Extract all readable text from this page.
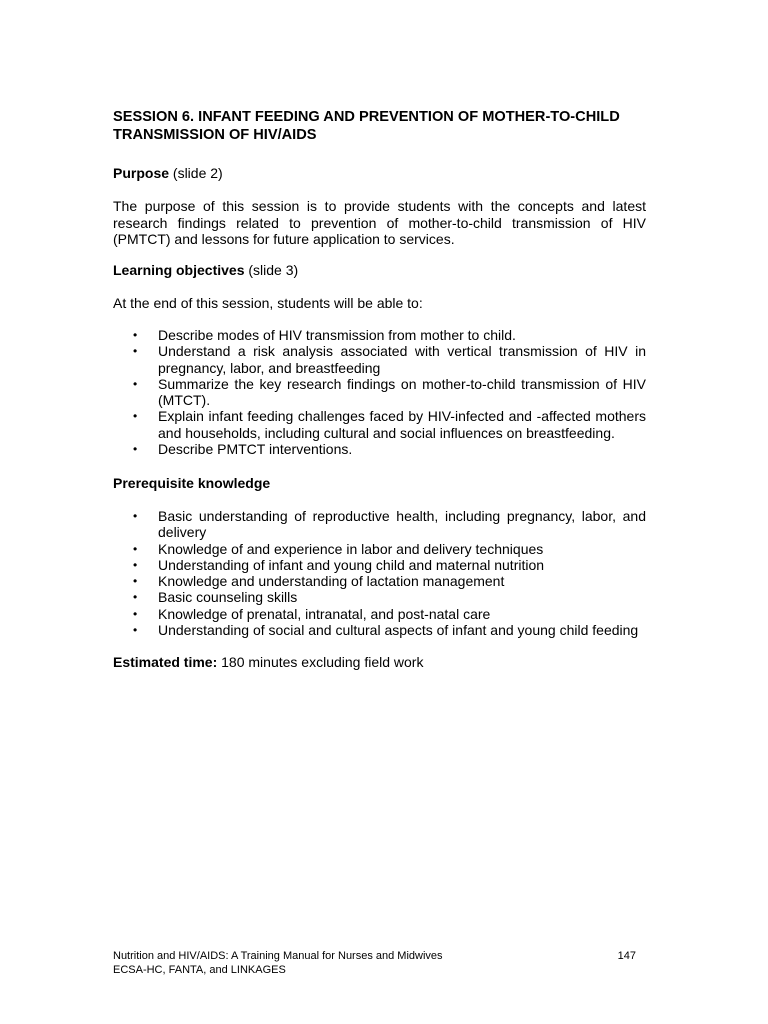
SESSION 6. INFANT FEEDING AND PREVENTION OF MOTHER-TO-CHILD TRANSMISSION OF HIV/AIDS

Purpose (slide 2)

The purpose of this session is to provide students with the concepts and latest research findings related to prevention of mother-to-child transmission of HIV (PMTCT) and lessons for future application to services.

Learning objectives (slide 3)

At the end of this session, students will be able to:

• Describe modes of HIV transmission from mother to child.
• Understand a risk analysis associated with vertical transmission of HIV in pregnancy, labor, and breastfeeding
• Summarize the key research findings on mother-to-child transmission of HIV (MTCT).
• Explain infant feeding challenges faced by HIV-infected and -affected mothers and households, including cultural and social influences on breastfeeding.
• Describe PMTCT interventions.

Prerequisite knowledge

• Basic understanding of reproductive health, including pregnancy, labor, and delivery
• Knowledge of and experience in labor and delivery techniques
• Understanding of infant and young child and maternal nutrition
• Knowledge and understanding of lactation management
• Basic counseling skills
• Knowledge of prenatal, intranatal, and post-natal care
• Understanding of social and cultural aspects of infant and young child feeding

Estimated time: 180 minutes excluding field work

Nutrition and HIV/AIDS: A Training Manual for Nurses and Midwives
ECSA-HC, FANTA, and LINKAGES
147
